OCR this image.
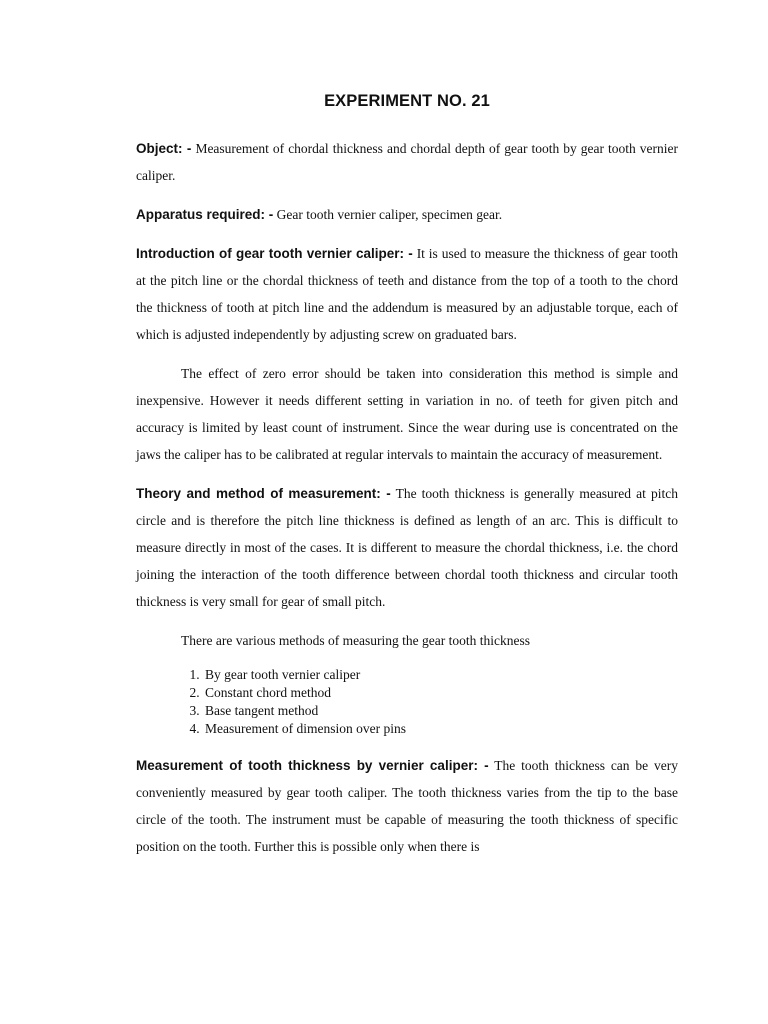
EXPERIMENT NO. 21

Object: - Measurement of chordal thickness and chordal depth of gear tooth by gear tooth vernier caliper.

Apparatus required: - Gear tooth vernier caliper, specimen gear.

Introduction of gear tooth vernier caliper: - It is used to measure the thickness of gear tooth at the pitch line or the chordal thickness of teeth and distance from the top of a tooth to the chord the thickness of tooth at pitch line and the addendum is measured by an adjustable torque, each of which is adjusted independently by adjusting screw on graduated bars.

The effect of zero error should be taken into consideration this method is simple and inexpensive. However it needs different setting in variation in no. of teeth for given pitch and accuracy is limited by least count of instrument. Since the wear during use is concentrated on the jaws the caliper has to be calibrated at regular intervals to maintain the accuracy of measurement.

Theory and method of measurement: - The tooth thickness is generally measured at pitch circle and is therefore the pitch line thickness is defined as length of an arc. This is difficult to measure directly in most of the cases. It is different to measure the chordal thickness, i.e. the chord joining the interaction of the tooth difference between chordal tooth thickness and circular tooth thickness is very small for gear of small pitch.

There are various methods of measuring the gear tooth thickness

1. By gear tooth vernier caliper
2. Constant chord method
3. Base tangent method
4. Measurement of dimension over pins

Measurement of tooth thickness by vernier caliper: - The tooth thickness can be very conveniently measured by gear tooth caliper. The tooth thickness varies from the tip to the base circle of the tooth. The instrument must be capable of measuring the tooth thickness of specific position on the tooth. Further this is possible only when there is
